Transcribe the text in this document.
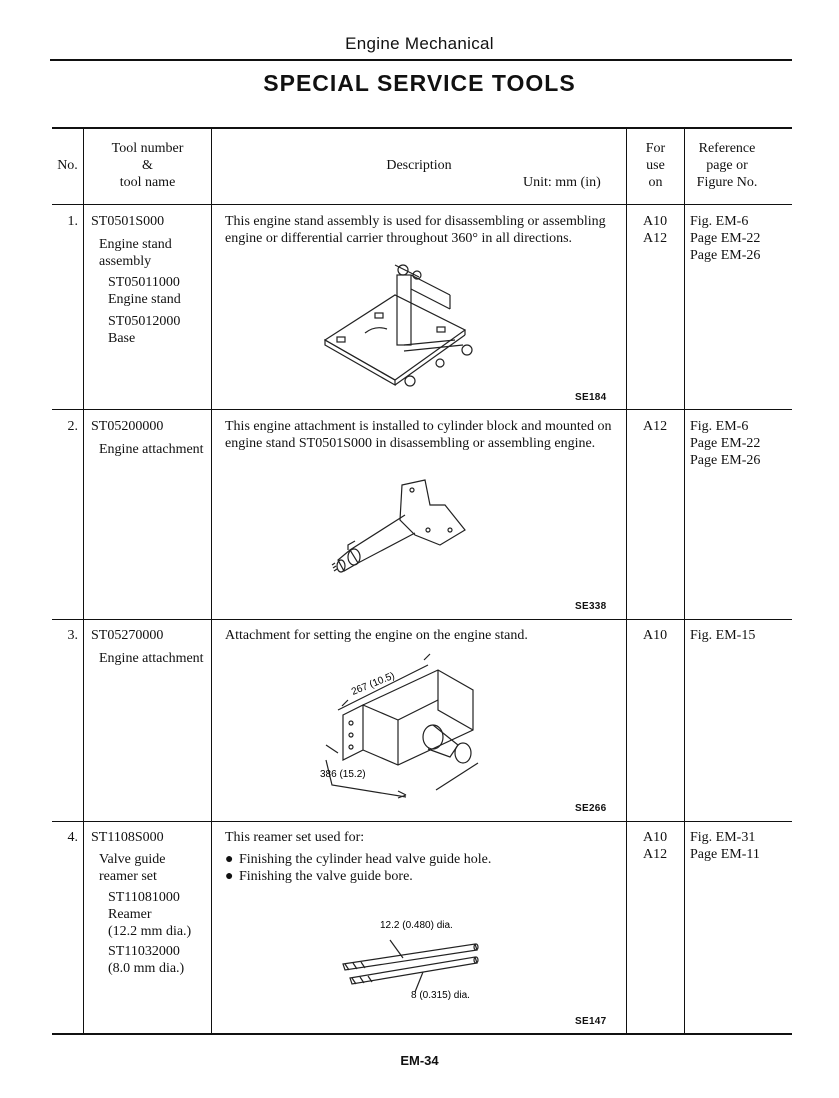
Engine Mechanical
SPECIAL SERVICE TOOLS
No.
Tool number
&
tool name
Description
Unit: mm (in)
For
use
on
Reference
page or
Figure No.
1. ST0501S000
Engine stand
assembly
ST05011000
Engine stand
ST05012000
Base
This engine stand assembly is used for disassembling or assembling
engine or differential carrier throughout 360° in all directions.
SE184
A10
A12
Fig. EM-6
Page EM-22
Page EM-26
2. ST05200000
Engine attachment
This engine attachment is installed to cylinder block and mounted on
engine stand ST0501S000 in disassembling or assembling engine.
SE338
A12 Fig. EM-6
Page EM-22
Page EM-26
3. ST05270000
Engine attachment
Attachment for setting the engine on the engine stand.
267 (10.5)
386 (15.2)
SE266
A10 Fig. EM-15
4. ST1108S000
Valve guide
reamer set
ST11081000
Reamer
(12.2 mm dia.)
ST11032000
(8.0 mm dia.)
This reamer set used for:
● Finishing the cylinder head valve guide hole.
● Finishing the valve guide bore.
12.2 (0.480) dia.
8 (0.315) dia.
SE147
A10
A12
Fig. EM-31
Page EM-11
EM-34
